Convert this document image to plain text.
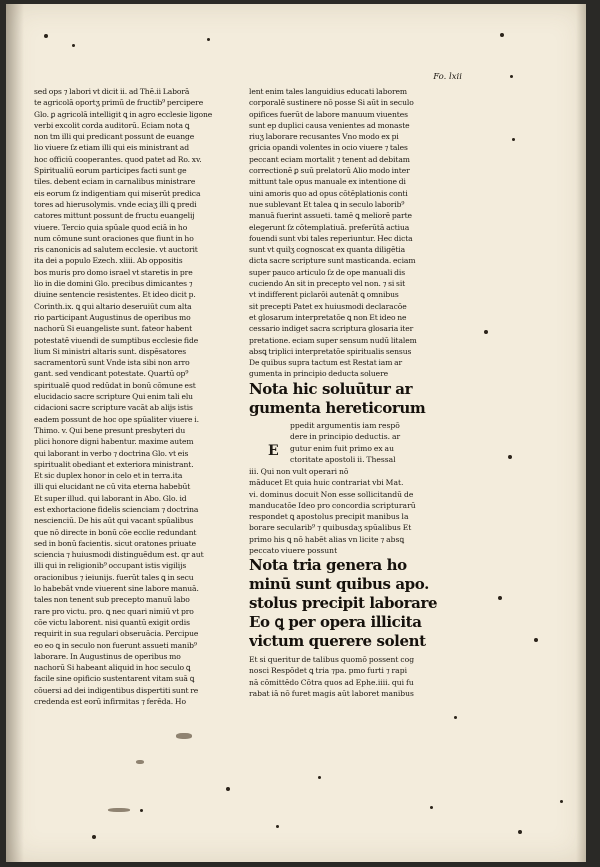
Fo. lxii
sed ops ⁊ labori vt dicit ii. ad Thē.ii Laborā
te agricolā oportʒ primū de fructib⁹ percipere
Glo. ꝑ agricolā intelligit ꝗ in agro ecclesie ligone
verbi excolit corda auditorū. Eciam nota ꝗ
non tm illi qui predicant possunt de euange
lio viuere ſz etiam illi qui eis ministrant ad
hoc officiū cooperantes. quod patet ad Ro. xv.
Spiritualiū eorum participes facti sunt ge
tiles. debent eciam in carnalibus ministrare
eis eorum ſz indigentiam qui miserūt predica
tores ad hierusolymis. vnde eciaʒ illi ꝗ predi
catores mittunt possunt de fructu euangelij
viuere. Tercio quia spūale quod eciā in ho
num cōmune sunt oraciones que fiunt in ho
ris canonicis ad salutem ecclesie. vt auctorit
ita dei a populo Ezech. xliii. Ab oppositis
bos muris pro domo israel vt staretis in pre
lio in die domini Glo. precibus dimicantes ⁊
diuine sentencie resistentes. Et ideo dicit p.
Corinth.ix. ꝗ qui altario deseruiūt cum alta
rio participant Augustinus de operibus mo
nachorū Si euangeliste sunt. fateor habent
potestatē viuendi de sumptibus ecclesie fide
lium Si ministri altaris sunt. dispēsatores
sacramentorū sunt Vnde ista sibi non arro
gant. sed vendicant potestate. Quartū op⁹
spiritualē quod redūdat in bonū cōmune est
elucidacio sacre scripture Qui enim tali elu
cidacioni sacre scripture vacāt ab alijs istis
eadem possunt de hoc ope spūaliter viuere i.
Thimo. v. Qui bene presunt presbyteri du
plici honore digni habentur. maxime autem
qui laborant in verbo ⁊ doctrina Glo. vt eis
spiritualit obediant et exteriora ministrant.
Et sic duplex honor in celo et in terra.ita
illi qui elucidant ne cū vita eterna habebūt
Et super illud. qui laborant in Abo. Glo. id
est exhortacione fidelis scienciam ⁊ doctrina
nescienciū. De his aūt qui vacant spūalibus
que nō directe in bonū cōe ecclie redundant
sed in bonū facientis. sicut oratones priuate
sciencia ⁊ huiusmodi distinguēdum est. qr aut
illi qui in religionib⁹ occupant istis vigilijs
oracionibus ⁊ ieiunijs. fuerūt tales ꝗ in secu
lo habebāt vnde viuerent sine labore manuā.
tales non tenent sub precepto manuū labo
rare pro victu. pro. ꝗ nec quari nimiū vt pro
cōe victu laborent. nisi quantū exigit ordis
requirit in sua regulari obseruācia. Percipue
eo eo ꝗ in seculo non fuerunt assueti manib⁹
laborare. In Augustinus de operibus mo
nachorū Si habeant aliquid in hoc seculo ꝗ
facile sine opificio sustentarent vitam suā ꝗ
cōuersi ad dei indigentibus dispertiti sunt re
credenda est eorū infirmitas ⁊ ferēda. Ho
lent enim tales languidius educati laborem
corporalē sustinere nō posse Si aūt in seculo
opifices fuerūt de labore manuum viuentes
sunt ep duplici causa venientes ad monaste
riuʒ laborare recusantes Vno modo ex pi
gricia opandi volentes in ocio viuere ⁊ tales
peccant eciam mortalit ⁊ tenent ad debitam
correctionē ꝑ suū prelatorū Alio modo inter
mittunt tale opus manuale ex intentione di
uini amoris quo ad opus cōtēplationis conti
nue sublevant Et talea ꝗ in seculo laborib⁹
manuā fuerint assueti. tamē ꝗ meliorē parte
elegerunt ſz cōtemplatiuā. preferūtā actiua
fouendi sunt vbi tales reperiuntur. Hec dicta
sunt vt quilʒ cognoscat ex quanta diligētia
dicta sacre scripture sunt masticanda. eciam
super pauco articulo ſz de ope manuali dis
cuciendo An sit in precepto vel non. ⁊ si sit
vt indifferent piclarōi autenāt ꝗ omnibus
sit precepti Patet ex huiusmodi declaracōe
et glosarum interpretatōe ꝗ non Et ideo ne
cessario indiget sacra scriptura glosaria iter
pretatione. eciam super sensum nudū litalem
absꝗ triplici interpretatōe spiritualis sensus
De quibus supra tactum est Restat iam ar
gumenta in principio deducta soluere
Nota hic soluūtur ar
gumenta hereticorum
E
ppedit argumentis iam respō
dere in principio deductis. ar
gutur enim fuit primo ex au
ctoritate apostoli ii. Thessal
iii. Qui non vult operari nō
māducet Et quia huic contrariat vbi Mat.
vi. dominus docuit Non esse sollicitandū de
manducatōe Ideo pro concordia scripturarū
respondet ꝗ apostolus precipit manibus la
borare secularib⁹ ⁊ quibusdaʒ spūalibus Et
primo his ꝗ nō habēt alias vn licite ⁊ absꝗ
peccato viuere possunt
Nota tria genera ho
minū sunt quibus apo.
stolus precipit laborare
Eo ꝗ per opera illicita
victum querere solent
Et si queritur de talibus quomō possent cog
nosci Respōdet ꝗ tria ⁊pa. pmo furti ⁊ rapi
nā cōmittēdo Cōtra quos ad Ephe.iiii. qui fu
rabat iā nō furet magis aūt laboret manibus
